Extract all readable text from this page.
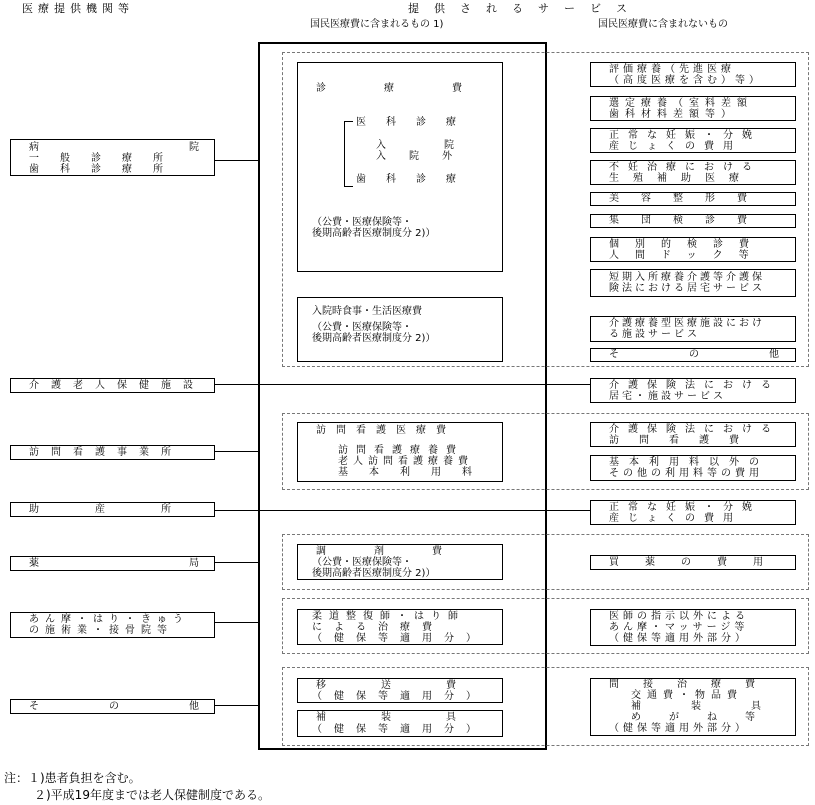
医療提供機関等	提供されるサービス
国民医療費に含まれるもの 1)	国民医療費に含まれないもの
病	院
一般診療所
歯科診療所
介護老人保健施設
訪問看護事業所
助産所
薬	局
あん摩・はり・きゅう
の施術業・接骨院等
そ	の	他
診療費
医科診療
入院
入院外
歯科診療
（公費・医療保険等・
後期高齢者医療制度分 2)）
入院時食事・生活医療費
（公費・医療保険等・
後期高齢者医療制度分 2)）
訪問看護医療費
訪問看護療養費
老人訪問看護療養費
基本利用料
調剤費
（公費・医療保険等・
後期高齢者医療制度分 2)）
柔道整復師・はり師
による治療費
（健保等適用分）
移送費
（健保等適用分）
補装具
（健保等適用分）
評価療養（先進医療
（高度医療を含む）等）
選定療養（室料差額
歯科材料差額等）
正常な妊娠・分娩
産じょくの費用
不妊治療における
生殖補助医療
美容整形費
集団検診費
個別的検診費
人間ドック等
短期入所療養介護等介護保
険法における居宅サービス
介護療養型医療施設におけ
る施設サービス
そ	の	他
介護保険法における
居宅・施設サービス
介護保険法における
訪問看護費
基本利用料以外の
その他の利用料等の費用
正常な妊娠・分娩
産じょくの費用
買薬の費用
医師の指示以外による
あん摩・マッサージ等
（健保等適用外部分）
間接治療費
交通費・物品費
補装具
めがね等
（健保等適用外部分）
注：１)患者負担を含む。
２)平成19年度までは老人保健制度である。
